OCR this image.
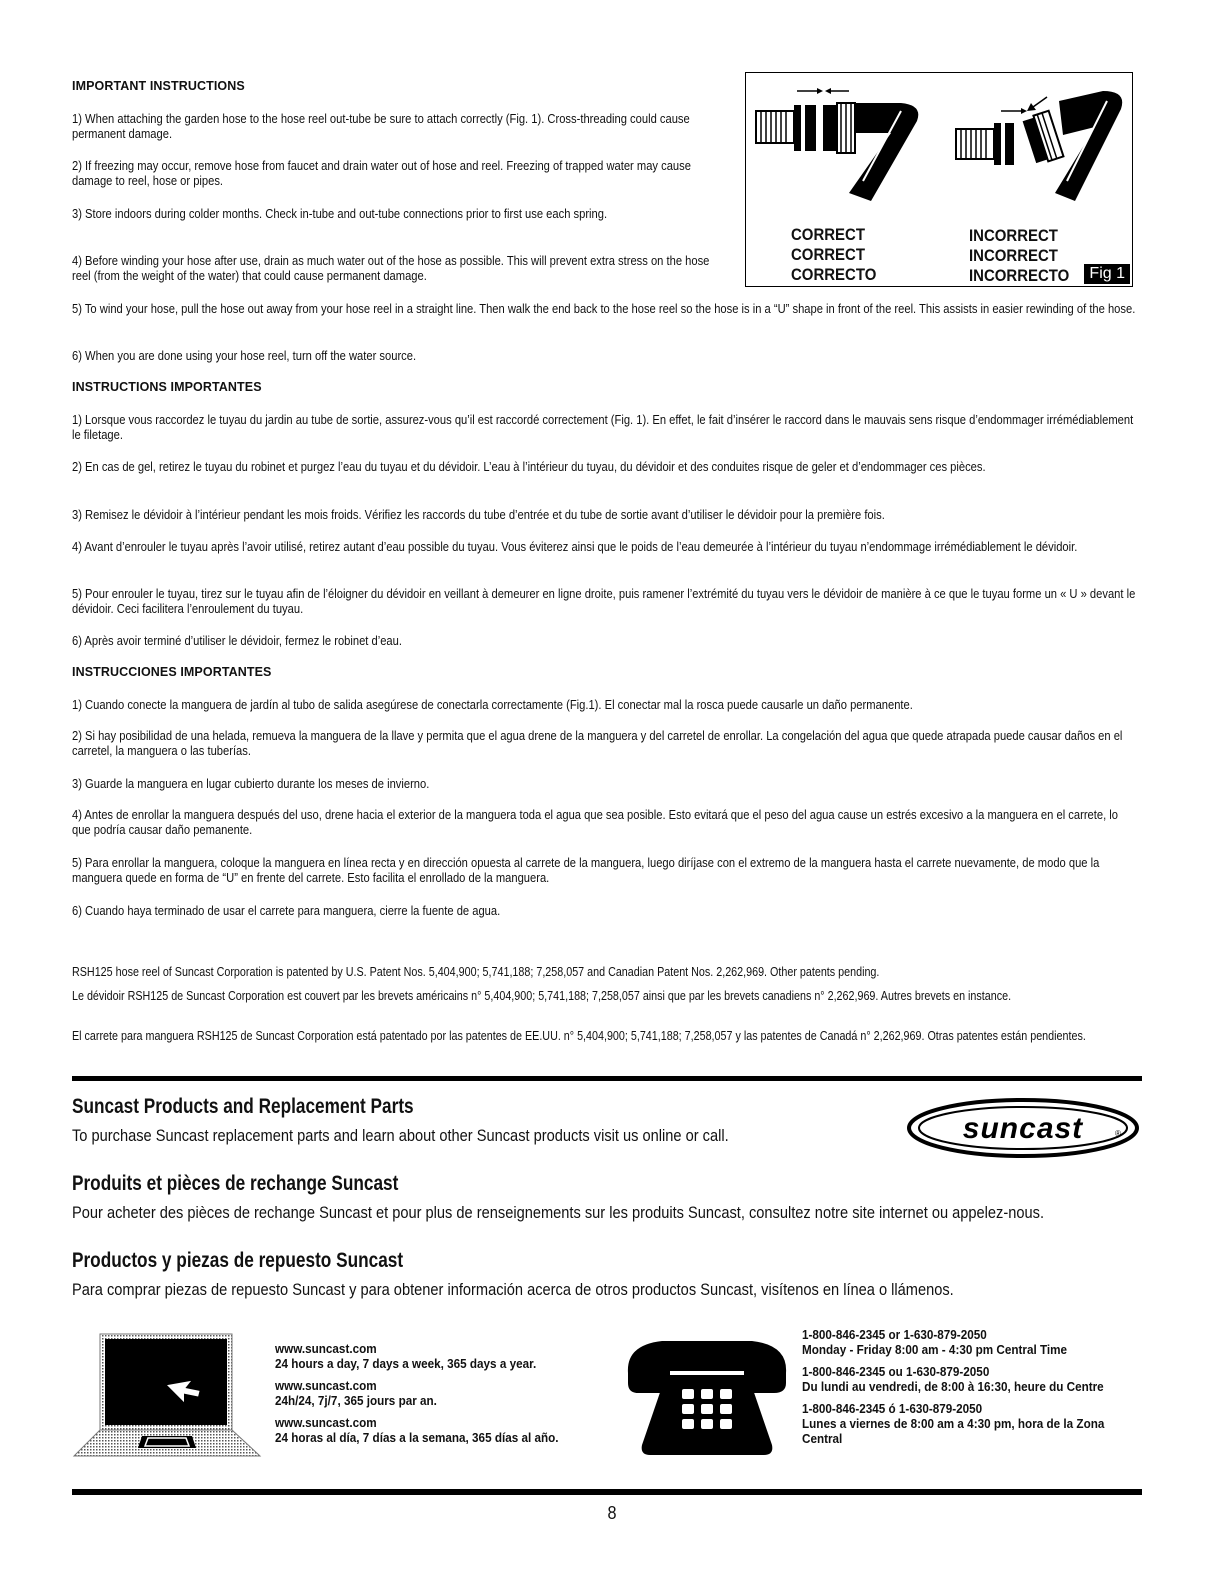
IMPORTANT INSTRUCTIONS
1) When attaching the garden hose to the hose reel out-tube be sure to attach correctly (Fig. 1). Cross-threading could cause permanent damage.
2) If freezing may occur, remove hose from faucet and drain water out of hose and reel. Freezing of trapped water may cause damage to reel, hose or pipes.
3) Store indoors during colder months. Check in-tube and out-tube connections prior to first use each spring.
4) Before winding your hose after use, drain as much water out of the hose as possible. This will prevent extra stress on the hose reel (from the weight of the water) that could cause permanent damage.
5) To wind your hose, pull the hose out away from your hose reel in a straight line. Then walk the end back to the hose reel so the hose is in a “U” shape in front of the reel. This assists in easier rewinding of the hose.
6) When you are done using your hose reel, turn off the water source.
CORRECT
CORRECT
CORRECTO
INCORRECT
INCORRECT
INCORRECTO	Fig 1
INSTRUCTIONS IMPORTANTES
1) Lorsque vous raccordez le tuyau du jardin au tube de sortie, assurez-vous qu’il est raccordé correctement (Fig. 1). En effet, le fait d’insérer le raccord dans le mauvais sens risque d’endommager irrémédiablement le filetage.
2) En cas de gel, retirez le tuyau du robinet et purgez l’eau du tuyau et du dévidoir. L’eau à l’intérieur du tuyau, du dévidoir et des conduites risque de geler et d’endommager ces pièces.
3) Remisez le dévidoir à l’intérieur pendant les mois froids. Vérifiez les raccords du tube d’entrée et du tube de sortie avant d’utiliser le dévidoir pour la première fois.
4) Avant d’enrouler le tuyau après l’avoir utilisé, retirez autant d’eau possible du tuyau. Vous éviterez ainsi que le poids de l’eau demeurée à l’intérieur du tuyau n’endommage irrémédiablement le dévidoir.
5) Pour enrouler le tuyau, tirez sur le tuyau afin de l’éloigner du dévidoir en veillant à demeurer en ligne droite, puis ramener l’extrémité du tuyau vers le dévidoir de manière à ce que le tuyau forme un « U » devant le dévidoir. Ceci facilitera l’enroulement du tuyau.
6) Après avoir terminé d’utiliser le dévidoir, fermez le robinet d’eau.
INSTRUCCIONES IMPORTANTES
1) Cuando conecte la manguera de jardín al tubo de salida asegúrese de conectarla correctamente (Fig.1). El conectar mal la rosca puede causarle un daño permanente.
2) Si hay posibilidad de una helada, remueva la manguera de la llave y permita que el agua drene de la manguera y del carretel de enrollar. La congelación del agua que quede atrapada puede causar daños en el carretel, la manguera o las tuberías.
3) Guarde la manguera en lugar cubierto durante los meses de invierno.
4) Antes de enrollar la manguera después del uso, drene hacia el exterior de la manguera toda el agua que sea posible. Esto evitará que el peso del agua cause un estrés excesivo a la manguera en el carrete, lo que podría causar daño pemanente.
5) Para enrollar la manguera, coloque la manguera en línea recta y en dirección opuesta al carrete de la manguera, luego diríjase con el extremo de la manguera hasta el carrete nuevamente, de modo que la manguera quede en forma de “U” en frente del carrete. Esto facilita el enrollado de la manguera.
6) Cuando haya terminado de usar el carrete para manguera, cierre la fuente de agua.
RSH125 hose reel of Suncast Corporation is patented by U.S. Patent Nos. 5,404,900; 5,741,188; 7,258,057 and Canadian Patent Nos. 2,262,969. Other patents pending.
Le dévidoir RSH125 de Suncast Corporation est couvert par les brevets américains n° 5,404,900; 5,741,188; 7,258,057 ainsi que par les brevets canadiens n° 2,262,969. Autres brevets en instance.
El carrete para manguera RSH125 de Suncast Corporation está patentado por las patentes de EE.UU. n° 5,404,900; 5,741,188; 7,258,057 y las patentes de Canadá n° 2,262,969. Otras patentes están pendientes.
Suncast Products and Replacement Parts
To purchase Suncast replacement parts and learn about other Suncast products visit us online or call.
Produits et pièces de rechange Suncast
Pour acheter des pièces de rechange Suncast et pour plus de renseignements sur les produits Suncast, consultez notre site internet ou appelez-nous.
Productos y piezas de repuesto Suncast
Para comprar piezas de repuesto Suncast y para obtener información acerca de otros productos Suncast, visítenos en línea o llámenos.
suncast	®
www.suncast.com
24 hours a day, 7 days a week, 365 days a year.
www.suncast.com
24h/24, 7j/7, 365 jours par an.
www.suncast.com
24 horas al día, 7 días a la semana, 365 días al año.
1-800-846-2345 or 1-630-879-2050
Monday - Friday 8:00 am - 4:30 pm Central Time
1-800-846-2345 ou 1-630-879-2050
Du lundi au vendredi, de 8:00 à 16:30, heure du Centre
1-800-846-2345 ó 1-630-879-2050
Lunes a viernes de 8:00 am a 4:30 pm, hora de la Zona Central
8
